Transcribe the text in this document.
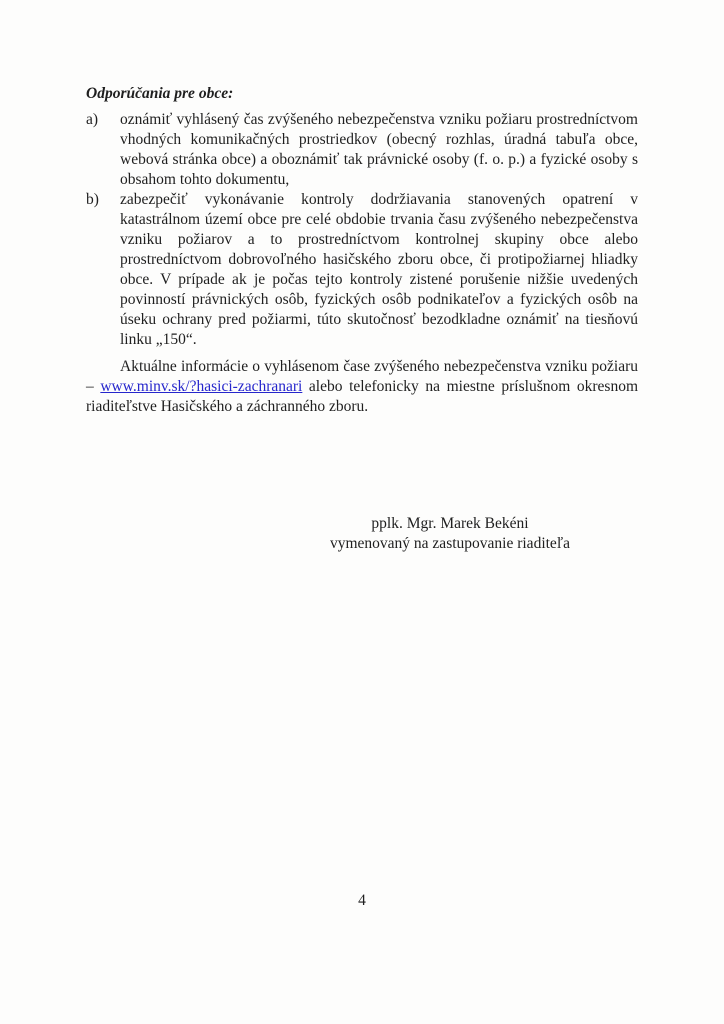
Odporúčania pre obce:

a)	oznámiť vyhlásený čas zvýšeného nebezpečenstva vzniku požiaru prostredníctvom vhodných komunikačných prostriedkov (obecný rozhlas, úradná tabuľa obce, webová stránka obce) a oboznámiť tak právnické osoby (f. o. p.) a fyzické osoby s obsahom tohto dokumentu,
b)	zabezpečiť vykonávanie kontroly dodržiavania stanovených opatrení v katastrálnom území obce pre celé obdobie trvania času zvýšeného nebezpečenstva vzniku požiarov a to prostredníctvom kontrolnej skupiny obce alebo prostredníctvom dobrovoľného hasičského zboru obce, či protipožiarnej hliadky obce. V prípade ak je počas tejto kontroly zistené porušenie nižšie uvedených povinností právnických osôb, fyzických osôb podnikateľov a fyzických osôb na úseku ochrany pred požiarmi, túto skutočnosť bezodkladne oznámiť na tiesňovú linku „150“.

Aktuálne informácie o vyhlásenom čase zvýšeného nebezpečenstva vzniku požiaru – www.minv.sk/?hasici-zachranari alebo telefonicky na miestne príslušnom okresnom riaditeľstve Hasičského a záchranného zboru.

pplk. Mgr. Marek Bekéni
vymenovaný na zastupovanie riaditeľa
4
